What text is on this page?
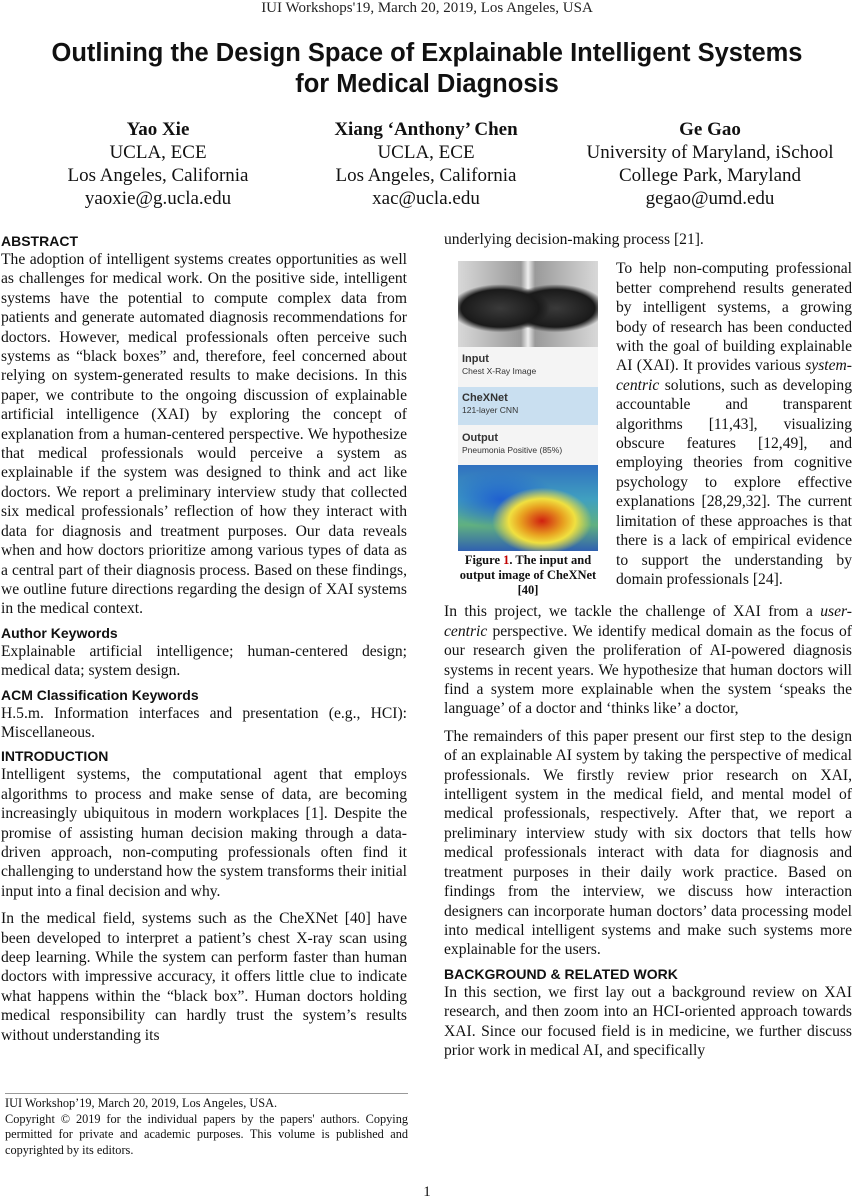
IUI Workshops'19, March 20, 2019, Los Angeles, USA
Outlining the Design Space of Explainable Intelligent Systems
for Medical Diagnosis
Yao Xie
UCLA, ECE
Los Angeles, California
yaoxie@g.ucla.edu
Xiang ‘Anthony’ Chen
UCLA, ECE
Los Angeles, California
xac@ucla.edu
Ge Gao
University of Maryland, iSchool
College Park, Maryland
gegao@umd.edu
ABSTRACT

The adoption of intelligent systems creates opportunities as well as challenges for medical work. On the positive side, intelligent systems have the potential to compute complex data from patients and generate automated diagnosis recommendations for doctors. However, medical professionals often perceive such systems as “black boxes” and, therefore, feel concerned about relying on system-generated results to make decisions. In this paper, we contribute to the ongoing discussion of explainable artificial intelligence (XAI) by exploring the concept of explanation from a human-centered perspective. We hypothesize that medical professionals would perceive a system as explainable if the system was designed to think and act like doctors. We report a preliminary interview study that collected six medical professionals’ reflection of how they interact with data for diagnosis and treatment purposes. Our data reveals when and how doctors prioritize among various types of data as a central part of their diagnosis process. Based on these findings, we outline future directions regarding the design of XAI systems in the medical context.

Author Keywords

Explainable artificial intelligence; human-centered design; medical data; system design.

ACM Classification Keywords

H.5.m. Information interfaces and presentation (e.g., HCI): Miscellaneous.

INTRODUCTION

Intelligent systems, the computational agent that employs algorithms to process and make sense of data, are becoming increasingly ubiquitous in modern workplaces [1]. Despite the promise of assisting human decision making through a data-driven approach, non-computing professionals often find it challenging to understand how the system transforms their initial input into a final decision and why.

In the medical field, systems such as the CheXNet [40] have been developed to interpret a patient’s chest X-ray scan using deep learning. While the system can perform faster than human doctors with impressive accuracy, it offers little clue to indicate what happens within the “black box”. Human doctors holding medical responsibility can hardly trust the system’s results without understanding its

IUI Workshop’19, March 20, 2019, Los Angeles, USA.

Copyright © 2019 for the individual papers by the papers' authors. Copying permitted for private and academic purposes. This volume is published and copyrighted by its editors.

underlying decision-making process [21].

Input
Chest X-Ray Image
CheXNet
121-layer CNN
Output
Pneumonia Positive (85%)
Figure 1. The input and output image of CheXNet [40]

To help non-computing professional better comprehend results generated by intelligent systems, a growing body of research has been conducted with the goal of building explainable AI (XAI). It provides various system-centric solutions, such as developing accountable and transparent algorithms [11,43], visualizing obscure features [12,49], and employing theories from cognitive psychology to explore effective explanations [28,29,32]. The current limitation of these approaches is that there is a lack of empirical evidence to support the understanding by domain professionals [24].

In this project, we tackle the challenge of XAI from a user-centric perspective. We identify medical domain as the focus of our research given the proliferation of AI-powered diagnosis systems in recent years. We hypothesize that human doctors will find a system more explainable when the system ‘speaks the language’ of a doctor and ‘thinks like’ a doctor,

The remainders of this paper present our first step to the design of an explainable AI system by taking the perspective of medical professionals. We firstly review prior research on XAI, intelligent system in the medical field, and mental model of medical professionals, respectively. After that, we report a preliminary interview study with six doctors that tells how medical professionals interact with data for diagnosis and treatment purposes in their daily work practice. Based on findings from the interview, we discuss how interaction designers can incorporate human doctors’ data processing model into medical intelligent systems and make such systems more explainable for the users.

BACKGROUND & RELATED WORK

In this section, we first lay out a background review on XAI research, and then zoom into an HCI-oriented approach towards XAI. Since our focused field is in medicine, we further discuss prior work in medical AI, and specifically

1
